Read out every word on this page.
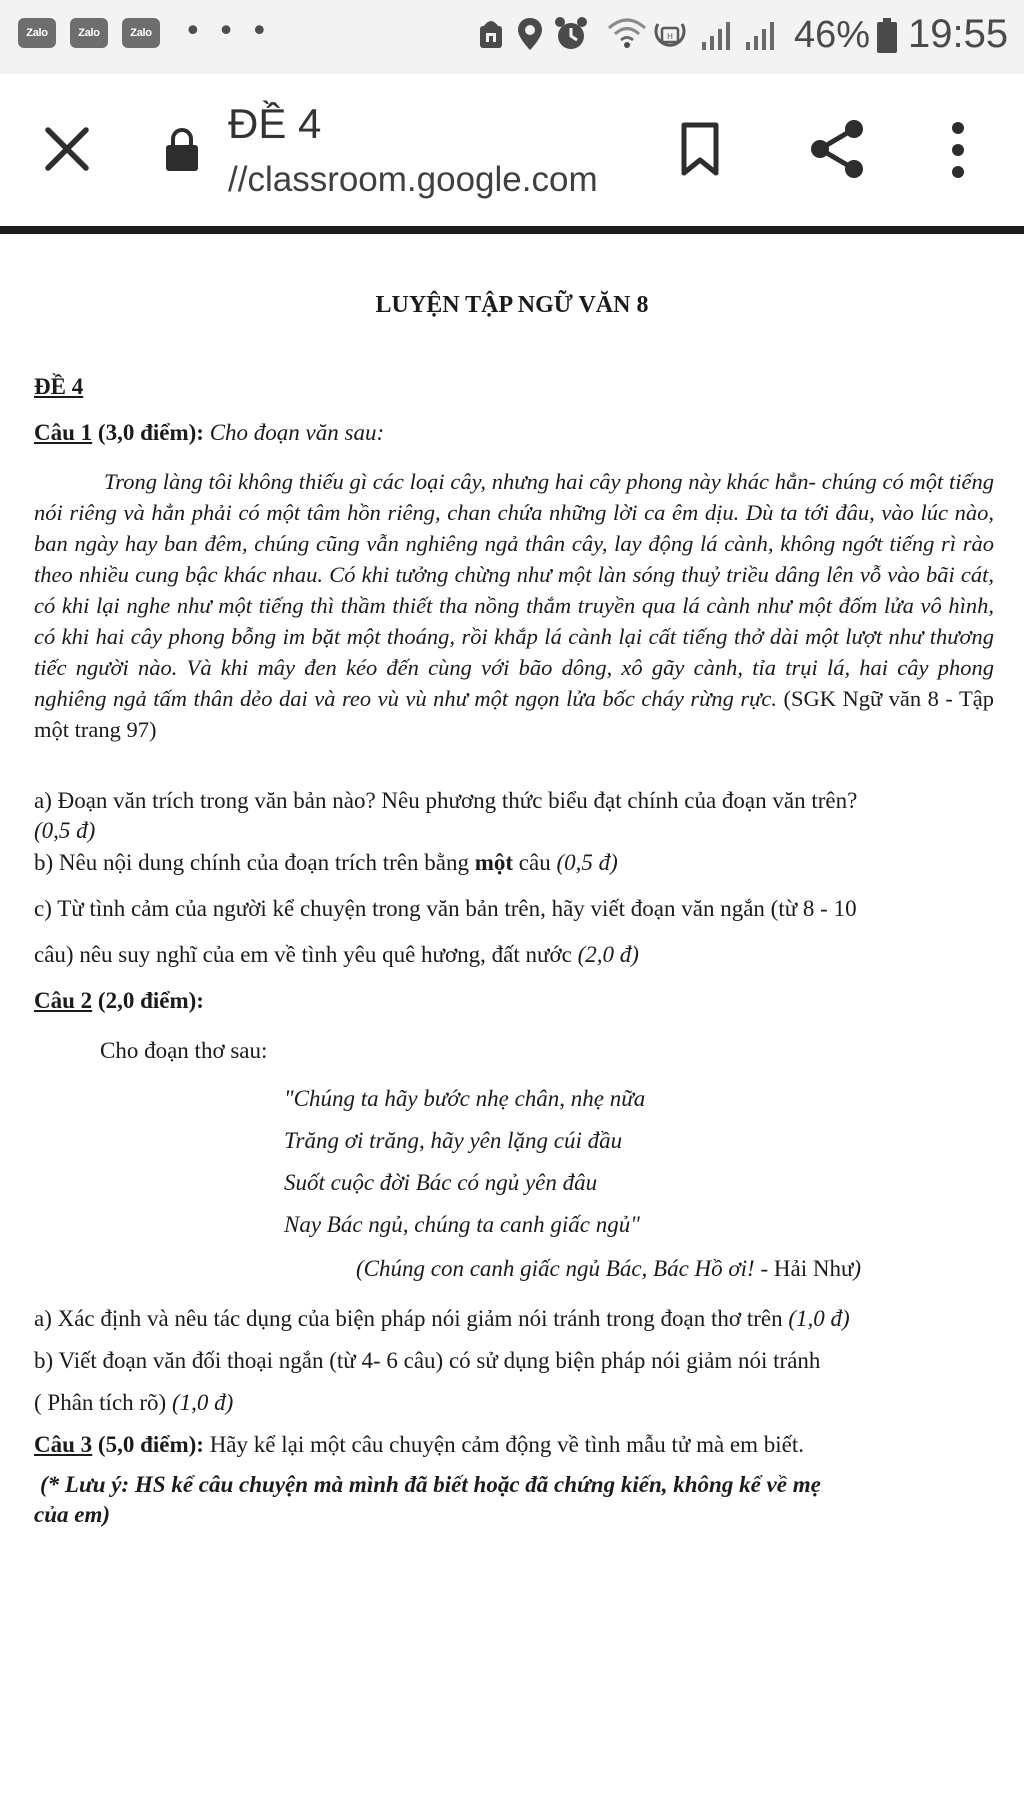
Zalo	Zalo	Zalo • • •	H	46% 19:55
ĐỀ 4
//classroom.google.com
LUYỆN TẬP NGỮ VĂN 8
ĐỀ 4
Câu 1 (3,0 điểm): Cho đoạn văn sau:

Trong làng tôi không thiếu gì các loại cây, nhưng hai cây phong này khác hẳn- chúng có một tiếng nói riêng và hẳn phải có một tâm hồn riêng, chan chứa những lời ca êm dịu. Dù ta tới đâu, vào lúc nào, ban ngày hay ban đêm, chúng cũng vẫn nghiêng ngả thân cây, lay động lá cành, không ngớt tiếng rì rào theo nhiều cung bậc khác nhau. Có khi tưởng chừng như một làn sóng thuỷ triều dâng lên vỗ vào bãi cát, có khi lại nghe như một tiếng thì thầm thiết tha nồng thắm truyền qua lá cành như một đốm lửa vô hình, có khi hai cây phong bỗng im bặt một thoáng, rồi khắp lá cành lại cất tiếng thở dài một lượt như thương tiếc người nào. Và khi mây đen kéo đến cùng với bão dông, xô gãy cành, tỉa trụi lá, hai cây phong nghiêng ngả tấm thân dẻo dai và reo vù vù như một ngọn lửa bốc cháy rừng rực. (SGK Ngữ văn 8 - Tập một trang 97)

a) Đoạn văn trích trong văn bản nào? Nêu phương thức biểu đạt chính của đoạn văn trên?
(0,5 đ)
b) Nêu nội dung chính của đoạn trích trên bằng một câu (0,5 đ)
c) Từ tình cảm của người kể chuyện trong văn bản trên, hãy viết đoạn văn ngắn (từ 8 - 10
câu) nêu suy nghĩ của em về tình yêu quê hương, đất nước (2,0 đ)
Câu 2 (2,0 điểm):
Cho đoạn thơ sau:
"Chúng ta hãy bước nhẹ chân, nhẹ nữa
Trăng ơi trăng, hãy yên lặng cúi đầu
Suốt cuộc đời Bác có ngủ yên đâu
Nay Bác ngủ, chúng ta canh giấc ngủ"
(Chúng con canh giấc ngủ Bác, Bác Hồ ơi! - Hải Như)
a) Xác định và nêu tác dụng của biện pháp nói giảm nói tránh trong đoạn thơ trên (1,0 đ)
b) Viết đoạn văn đối thoại ngắn (từ 4- 6 câu) có sử dụng biện pháp nói giảm nói tránh
( Phân tích rõ) (1,0 đ)
Câu 3 (5,0 điểm): Hãy kể lại một câu chuyện cảm động về tình mẫu tử mà em biết.
(* Lưu ý: HS kể câu chuyện mà mình đã biết hoặc đã chứng kiến, không kể về mẹ
của em)
